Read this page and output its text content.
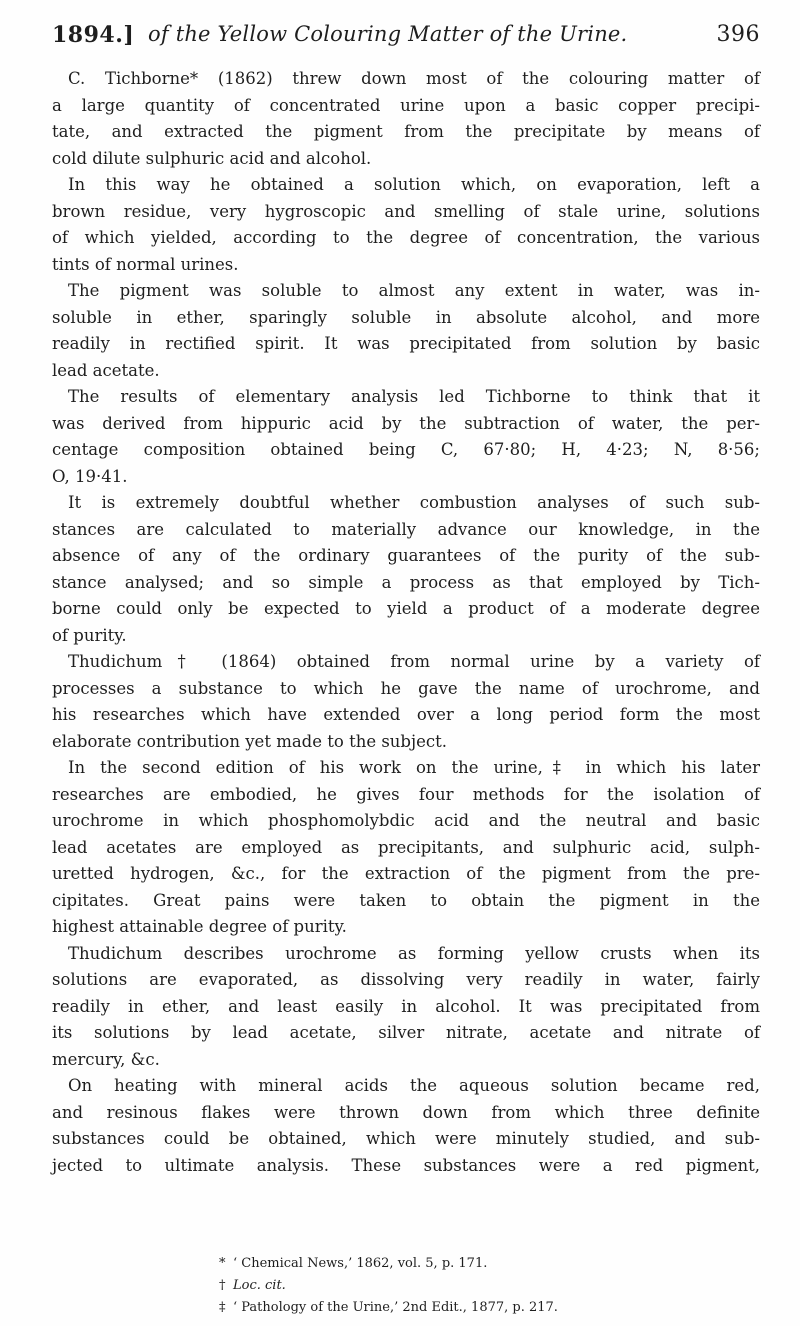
1894.] of the Yellow Colouring Matter of the Urine.	396
C. Tichborne* (1862) threw down most of the colouring matter of
a large quantity of concentrated urine upon a basic copper precipi-
tate, and extracted the pigment from the precipitate by means of
cold dilute sulphuric acid and alcohol.
In this way he obtained a solution which, on evaporation, left a
brown residue, very hygroscopic and smelling of stale urine, solutions
of which yielded, according to the degree of concentration, the various
tints of normal urines.
The pigment was soluble to almost any extent in water, was in-
soluble in ether, sparingly soluble in absolute alcohol, and more
readily in rectified spirit. It was precipitated from solution by basic
lead acetate.
The results of elementary analysis led Tichborne to think that it
was derived from hippuric acid by the subtraction of water, the per-
centage composition obtained being C, 67·80; H, 4·23; N, 8·56;
O, 19·41.
It is extremely doubtful whether combustion analyses of such sub-
stances are calculated to materially advance our knowledge, in the
absence of any of the ordinary guarantees of the purity of the sub-
stance analysed; and so simple a process as that employed by Tich-
borne could only be expected to yield a product of a moderate degree
of purity.
Thudichum† (1864) obtained from normal urine by a variety of
processes a substance to which he gave the name of urochrome, and
his researches which have extended over a long period form the most
elaborate contribution yet made to the subject.
In the second edition of his work on the urine,‡ in which his later
researches are embodied, he gives four methods for the isolation of
urochrome in which phosphomolybdic acid and the neutral and basic
lead acetates are employed as precipitants, and sulphuric acid, sulph-
uretted hydrogen, &c., for the extraction of the pigment from the pre-
cipitates. Great pains were taken to obtain the pigment in the
highest attainable degree of purity.
Thudichum describes urochrome as forming yellow crusts when its
solutions are evaporated, as dissolving very readily in water, fairly
readily in ether, and least easily in alcohol. It was precipitated from
its solutions by lead acetate, silver nitrate, acetate and nitrate of
mercury, &c.
On heating with mineral acids the aqueous solution became red,
and resinous flakes were thrown down from which three definite
substances could be obtained, which were minutely studied, and sub-
jected to ultimate analysis. These substances were a red pigment,
* ‘ Chemical News,’ 1862, vol. 5, p. 171.
† Loc. cit.
‡ ‘ Pathology of the Urine,’ 2nd Edit., 1877, p. 217.
